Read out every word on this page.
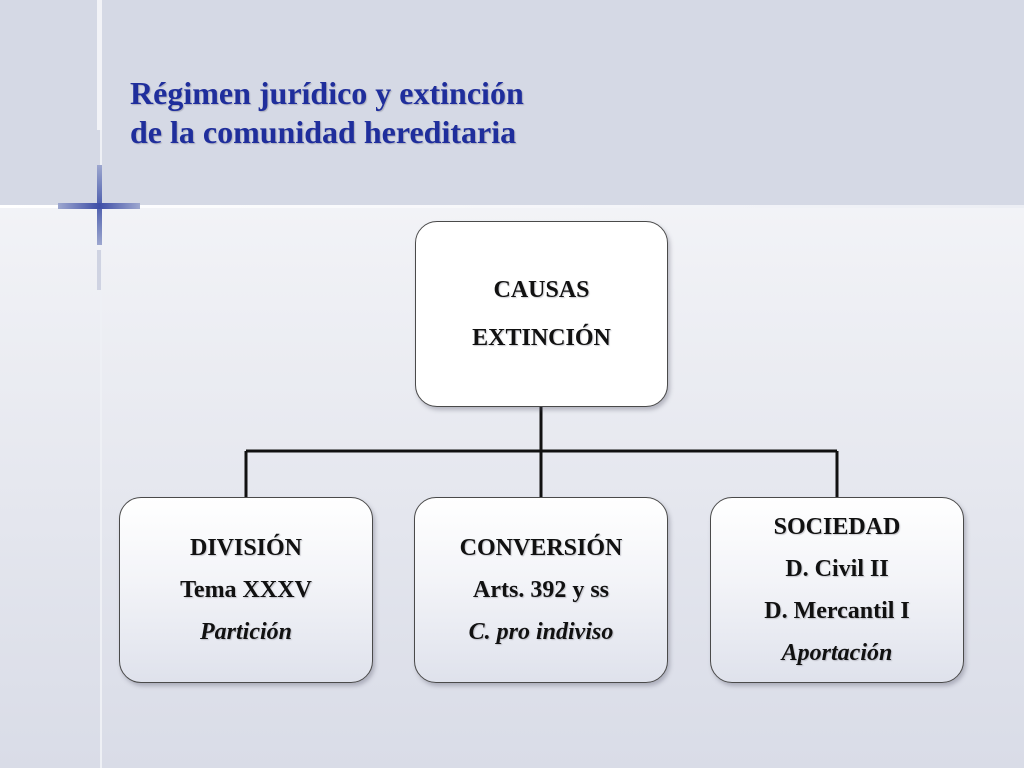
Régimen jurídico y extinción
de la comunidad hereditaria
CAUSAS
EXTINCIÓN
DIVISIÓN
Tema XXXV
Partición
CONVERSIÓN
Arts. 392 y ss
C. pro indiviso
SOCIEDAD
D. Civil II
D. Mercantil I
Aportación
